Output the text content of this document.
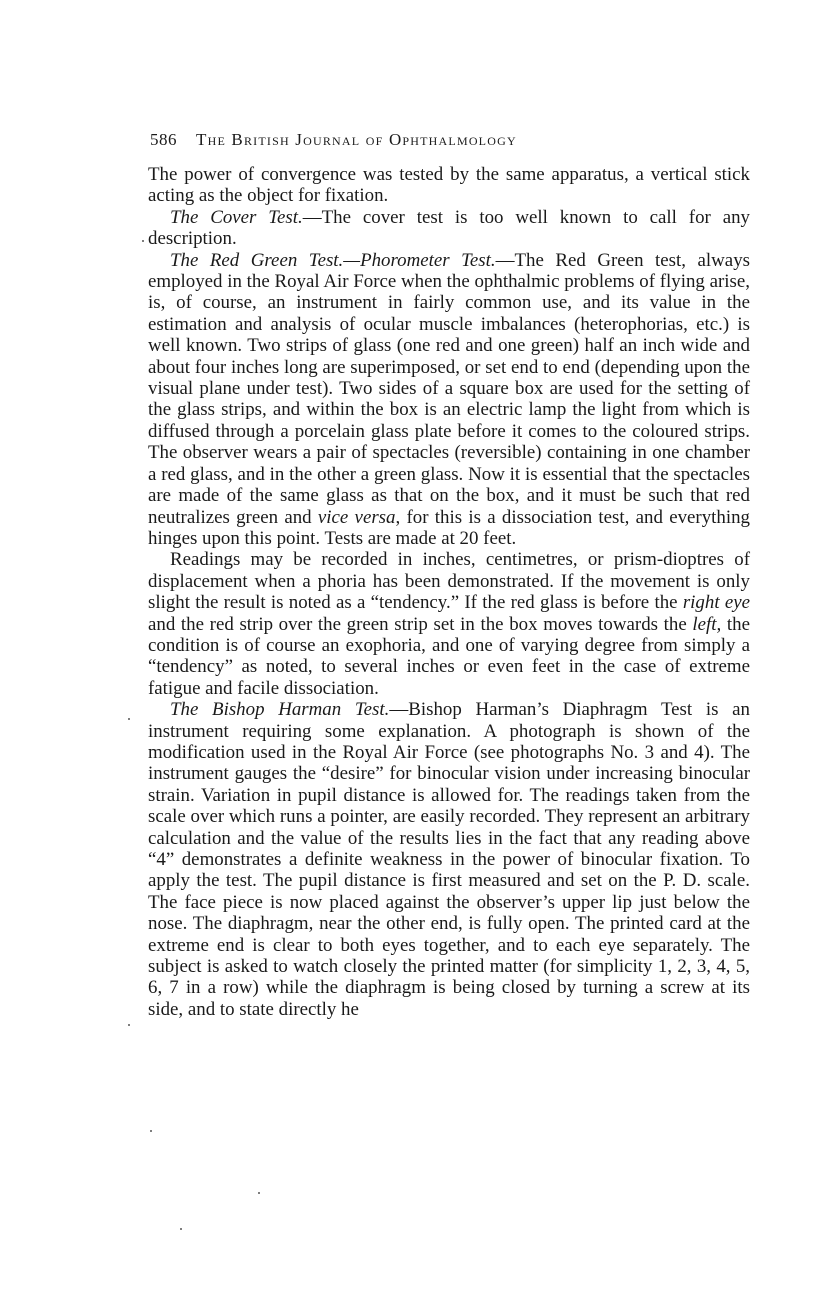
586 The British Journal of Ophthalmology

The power of convergence was tested by the same apparatus, a vertical stick acting as the object for fixation.

The Cover Test.—The cover test is too well known to call for any description.

The Red Green Test.—Phorometer Test.—The Red Green test, always employed in the Royal Air Force when the ophthalmic problems of flying arise, is, of course, an instrument in fairly common use, and its value in the estimation and analysis of ocular muscle imbalances (heterophorias, etc.) is well known. Two strips of glass (one red and one green) half an inch wide and about four inches long are superimposed, or set end to end (depending upon the visual plane under test). Two sides of a square box are used for the setting of the glass strips, and within the box is an electric lamp the light from which is diffused through a porcelain glass plate before it comes to the coloured strips. The observer wears a pair of spectacles (reversible) containing in one chamber a red glass, and in the other a green glass. Now it is essential that the spectacles are made of the same glass as that on the box, and it must be such that red neutralizes green and vice versa, for this is a dissociation test, and everything hinges upon this point. Tests are made at 20 feet.

Readings may be recorded in inches, centimetres, or prism-dioptres of displacement when a phoria has been demonstrated. If the movement is only slight the result is noted as a “tendency.” If the red glass is before the right eye and the red strip over the green strip set in the box moves towards the left, the condition is of course an exophoria, and one of varying degree from simply a “tendency” as noted, to several inches or even feet in the case of extreme fatigue and facile dissociation.

The Bishop Harman Test.—Bishop Harman’s Diaphragm Test is an instrument requiring some explanation. A photograph is shown of the modification used in the Royal Air Force (see photographs No. 3 and 4). The instrument gauges the “desire” for binocular vision under increasing binocular strain. Variation in pupil distance is allowed for. The readings taken from the scale over which runs a pointer, are easily recorded. They represent an arbitrary calculation and the value of the results lies in the fact that any reading above “4” demonstrates a definite weakness in the power of binocular fixation. To apply the test. The pupil distance is first measured and set on the P. D. scale. The face piece is now placed against the observer’s upper lip just below the nose. The diaphragm, near the other end, is fully open. The printed card at the extreme end is clear to both eyes together, and to each eye separately. The subject is asked to watch closely the printed matter (for simplicity 1, 2, 3, 4, 5, 6, 7 in a row) while the diaphragm is being closed by turning a screw at its side, and to state directly he
